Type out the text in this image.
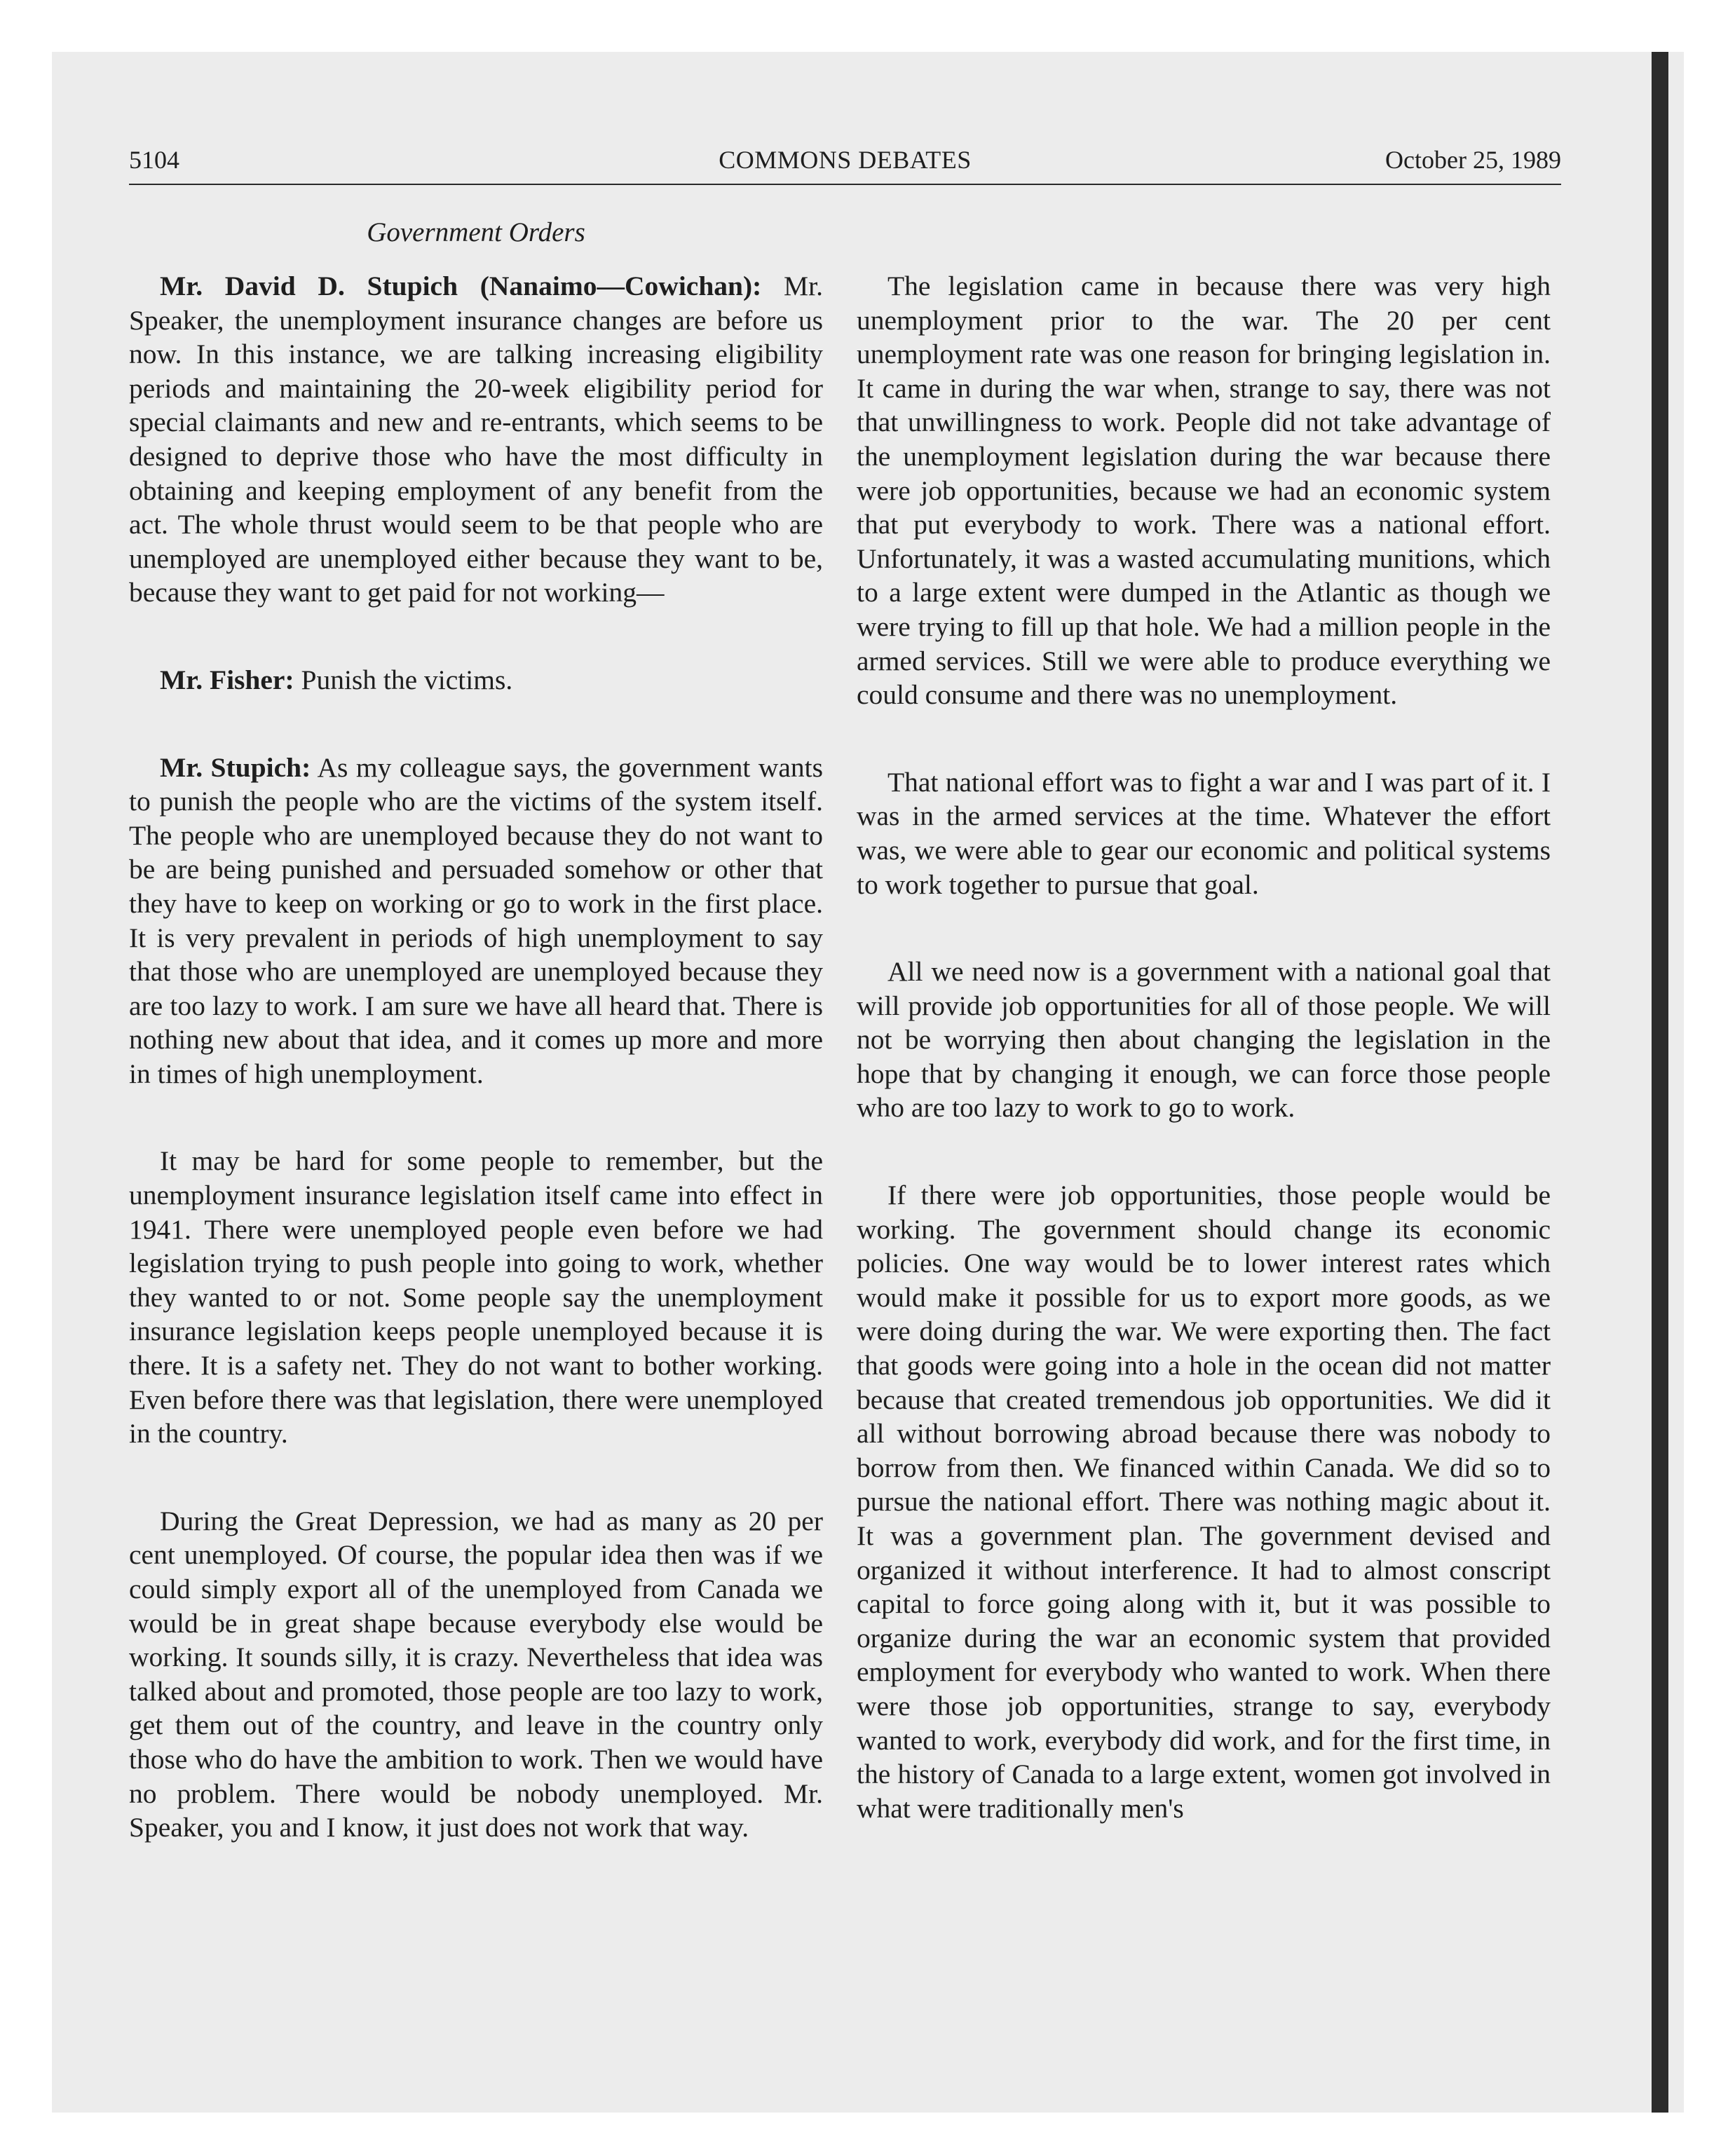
5104	COMMONS DEBATES	October 25, 1989
Government Orders

Mr. David D. Stupich (Nanaimo—Cowichan): Mr. Speaker, the unemployment insurance changes are before us now. In this instance, we are talking increasing eligibility periods and maintaining the 20-week eligibility period for special claimants and new and re-entrants, which seems to be designed to deprive those who have the most difficulty in obtaining and keeping employment of any benefit from the act. The whole thrust would seem to be that people who are unemployed are unemployed either because they want to be, because they want to get paid for not working—

Mr. Fisher: Punish the victims.

Mr. Stupich: As my colleague says, the government wants to punish the people who are the victims of the system itself. The people who are unemployed because they do not want to be are being punished and persuaded somehow or other that they have to keep on working or go to work in the first place. It is very prevalent in periods of high unemployment to say that those who are unemployed are unemployed because they are too lazy to work. I am sure we have all heard that. There is nothing new about that idea, and it comes up more and more in times of high unemployment.

It may be hard for some people to remember, but the unemployment insurance legislation itself came into effect in 1941. There were unemployed people even before we had legislation trying to push people into going to work, whether they wanted to or not. Some people say the unemployment insurance legislation keeps people unemployed because it is there. It is a safety net. They do not want to bother working. Even before there was that legislation, there were unemployed in the country.

During the Great Depression, we had as many as 20 per cent unemployed. Of course, the popular idea then was if we could simply export all of the unemployed from Canada we would be in great shape because everybody else would be working. It sounds silly, it is crazy. Nevertheless that idea was talked about and promoted, those people are too lazy to work, get them out of the country, and leave in the country only those who do have the ambition to work. Then we would have no problem. There would be nobody unemployed. Mr. Speaker, you and I know, it just does not work that way.

The legislation came in because there was very high unemployment prior to the war. The 20 per cent unemployment rate was one reason for bringing legislation in. It came in during the war when, strange to say, there was not that unwillingness to work. People did not take advantage of the unemployment legislation during the war because there were job opportunities, because we had an economic system that put everybody to work. There was a national effort. Unfortunately, it was a wasted accumulating munitions, which to a large extent were dumped in the Atlantic as though we were trying to fill up that hole. We had a million people in the armed services. Still we were able to produce everything we could consume and there was no unemployment.

That national effort was to fight a war and I was part of it. I was in the armed services at the time. Whatever the effort was, we were able to gear our economic and political systems to work together to pursue that goal.

All we need now is a government with a national goal that will provide job opportunities for all of those people. We will not be worrying then about changing the legislation in the hope that by changing it enough, we can force those people who are too lazy to work to go to work.

If there were job opportunities, those people would be working. The government should change its economic policies. One way would be to lower interest rates which would make it possible for us to export more goods, as we were doing during the war. We were exporting then. The fact that goods were going into a hole in the ocean did not matter because that created tremendous job opportunities. We did it all without borrowing abroad because there was nobody to borrow from then. We financed within Canada. We did so to pursue the national effort. There was nothing magic about it. It was a government plan. The government devised and organized it without interference. It had to almost conscript capital to force going along with it, but it was possible to organize during the war an economic system that provided employment for everybody who wanted to work. When there were those job opportunities, strange to say, everybody wanted to work, everybody did work, and for the first time, in the history of Canada to a large extent, women got involved in what were traditionally men's
